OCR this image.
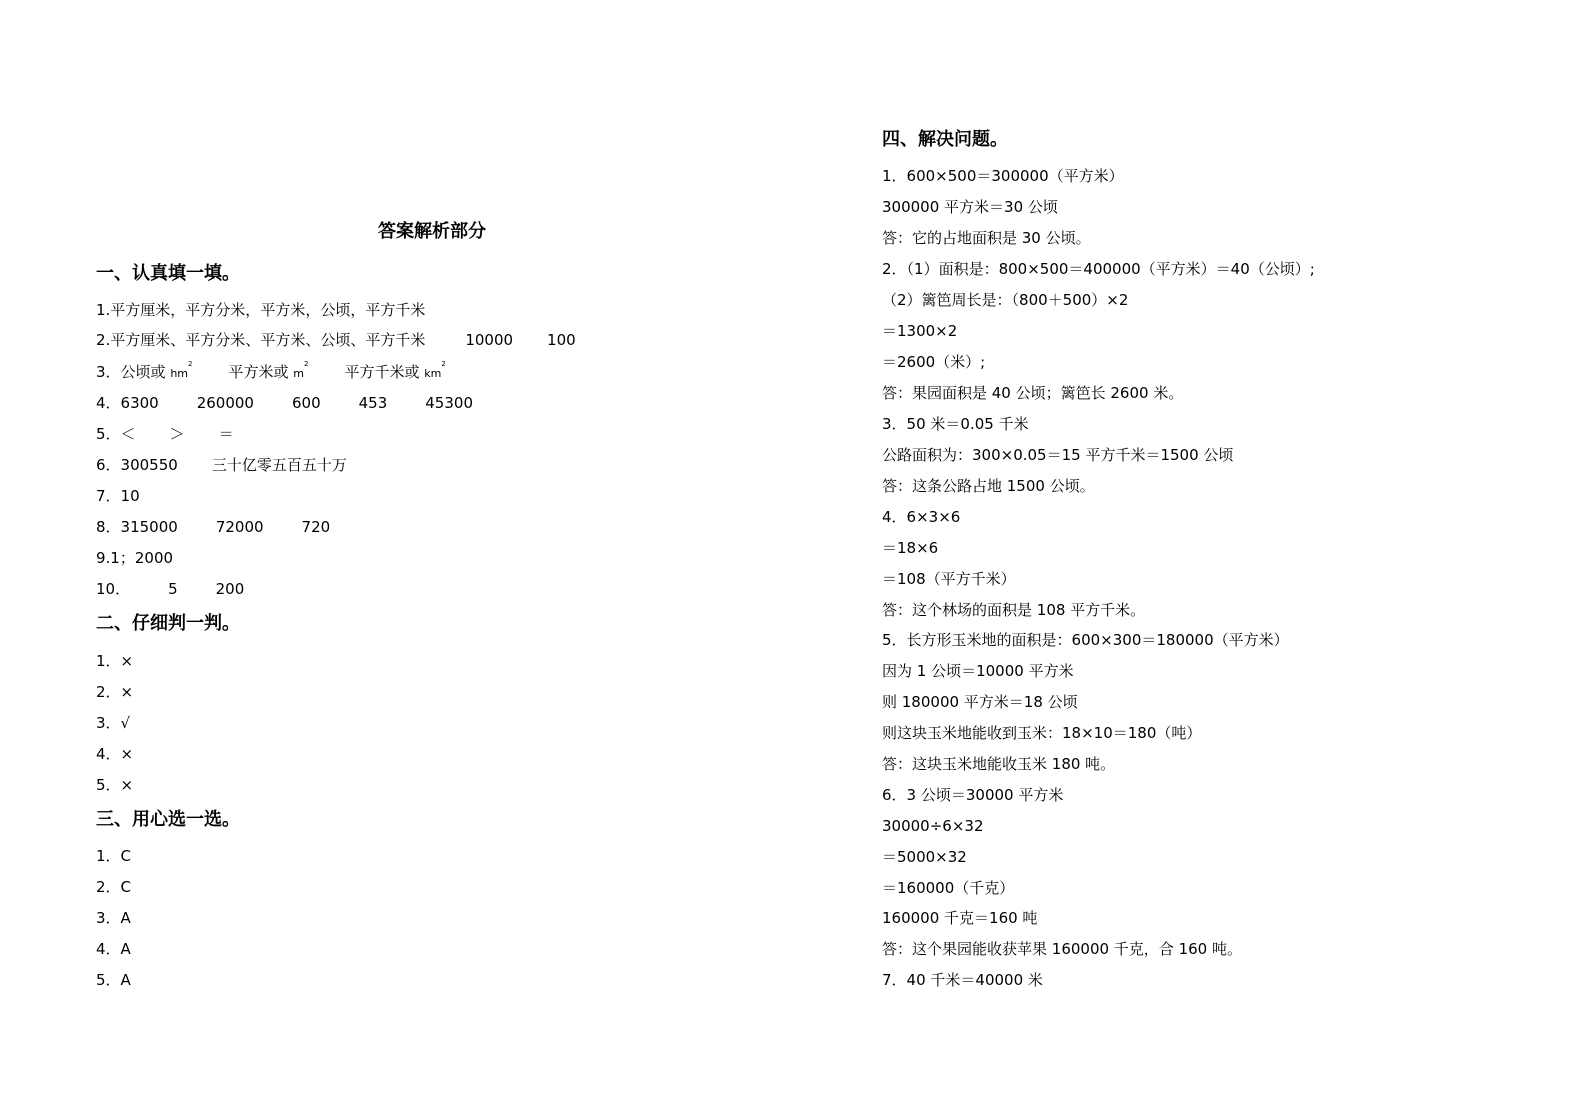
答案解析部分
一、认真填一填。
1.平方厘米，平方分米，平方米，公顷，平方千米
2.平方厘米、平方分米、平方米、公顷、平方千米	10000 100
3．公顷或 $hm^2$ 平方米或 $m^2$ 平方千米或 $km^2$
4．6300	260000	600	453	45300
5．＜ ＞ ＝
6．300550 三十亿零五百五十万
7．10
8．315000	72000	720
9.1；2000
10．	5	200
二、仔细判一判。
1．×
2．×
3．√
4．×
5．×
三、用心选一选。
1．C
2．C
3．A
4．A
5．A
四、解决问题。
1．600×500＝300000（平方米）
300000 平方米＝30 公顷
答：它的占地面积是 30 公顷。
2．（1）面积是：800×500＝400000（平方米）＝40（公顷）;
（2）篱笆周长是：（800＋500）×2
＝1300×2
＝2600（米）;
答：果园面积是 40 公顷；篱笆长 2600 米。
3．50 米＝0.05 千米
公路面积为：300×0.05＝15 平方千米＝1500 公顷
答：这条公路占地 1500 公顷。
4．6×3×6
＝18×6
＝108（平方千米）
答：这个林场的面积是 108 平方千米。
5．长方形玉米地的面积是：600×300＝180000（平方米）
因为 1 公顷＝10000 平方米
则 180000 平方米＝18 公顷
则这块玉米地能收到玉米：18×10＝180（吨）
答：这块玉米地能收玉米 180 吨。
6．3 公顷＝30000 平方米
30000÷6×32
＝5000×32
＝160000（千克）
160000 千克＝160 吨
答：这个果园能收获苹果 160000 千克，合 160 吨。
7．40 千米＝40000 米
